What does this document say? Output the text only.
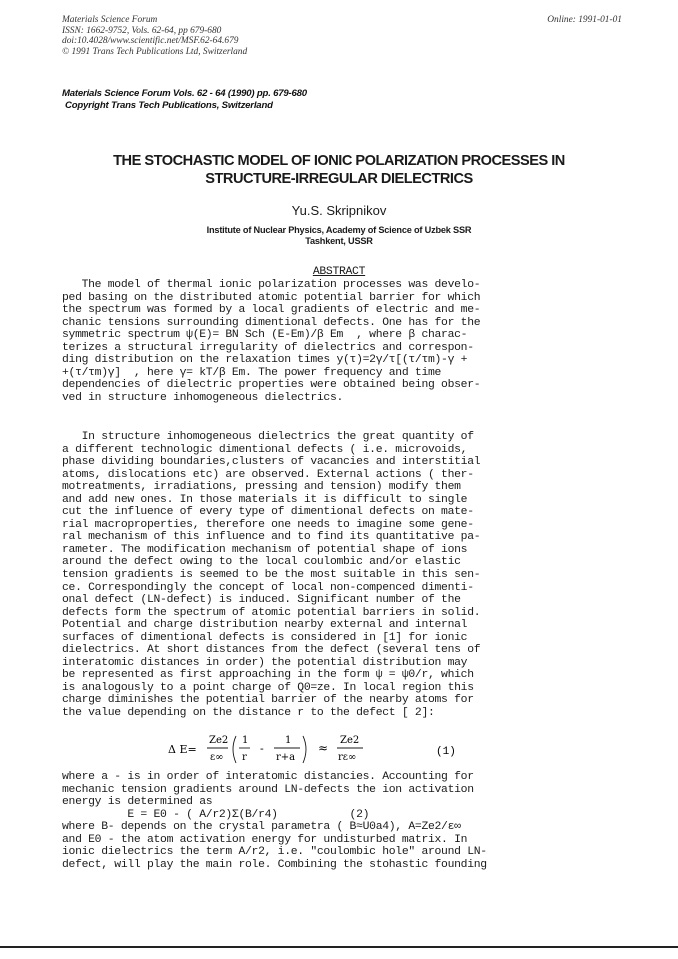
Materials Science Forum
ISSN: 1662-9752, Vols. 62-64, pp 679-680
doi:10.4028/www.scientific.net/MSF.62-64.679
© 1991 Trans Tech Publications Ltd, Switzerland
Online: 1991-01-01
Materials Science Forum Vols. 62 - 64 (1990) pp. 679-680
Copyright Trans Tech Publications, Switzerland
THE STOCHASTIC MODEL OF IONIC POLARIZATION PROCESSES IN
STRUCTURE-IRREGULAR DIELECTRICS
Yu.S. Skripnikov
Institute of Nuclear Physics, Academy of Science of Uzbek SSR
Tashkent, USSR
ABSTRACT
The model of thermal ionic polarization processes was develo-
ped basing on the distributed atomic potential barrier for which
the spectrum was formed by a local gradients of electric and me-
chanic tensions surrounding dimentional defects. One has for the
symmetric spectrum ψ(E)= BN Sch (E-Em)/β Em  , where β charac-
terizes a structural irregularity of dielectrics and correspon-
ding distribution on the relaxation times y(τ)=2γ/τ[(τ/τm)-γ +
+(τ/τm)γ]  , here γ= kT/β Em. The power frequency and time
dependencies of dielectric properties were obtained being obser-
ved in structure inhomogeneous dielectrics.
In structure inhomogeneous dielectrics the great quantity of
a different technologic dimentional defects ( i.e. microvoids,
phase dividing boundaries,clusters of vacancies and interstitial
atoms, dislocations etc) are observed. External actions ( ther-
motreatments, irradiations, pressing and tension) modify them
and add new ones. In those materials it is difficult to single
cut the influence of every type of dimentional defects on mate-
rial macroproperties, therefore one needs to imagine some gene-
ral mechanism of this influence and to find its quantitative pa-
rameter. The modification mechanism of potential shape of ions
around the defect owing to the local coulombic and/or elastic
tension gradients is seemed to be the most suitable in this sen-
ce. Correspondingly the concept of local non-compenced dimenti-
onal defect (LN-defect) is induced. Significant number of the
defects form the spectrum of atomic potential barriers in solid.
Potential and charge distribution nearby external and internal
surfaces of dimentional defects is considered in [1] for ionic
dielectrics. At short distances from the defect (several tens of
interatomic distances in order) the potential distribution may
be represented as first approaching in the form ψ = ψ0/r, which
is analogously to a point charge of Q0=ze. In local region this
charge diminishes the potential barrier of the nearby atoms for
the value depending on the distance r to the defect [ 2]:
Δ E=
Ze2
ε∞
1
r
-
1
r+a
≈
Ze2
rε∞	(1)
where a - is in order of interatomic distancies. Accounting for
mechanic tension gradients around LN-defects the ion activation
energy is determined as
E = E0 - ( A/r2)Σ(B/r4)           (2)
where B- depends on the crystal parametra ( B≈U0a4), A=Ze2/ε∞
and E0 - the atom activation energy for undisturbed matrix. In
ionic dielectrics the term A/r2, i.e. "coulombic hole" around LN-
defect, will play the main role. Combining the stohastic founding
